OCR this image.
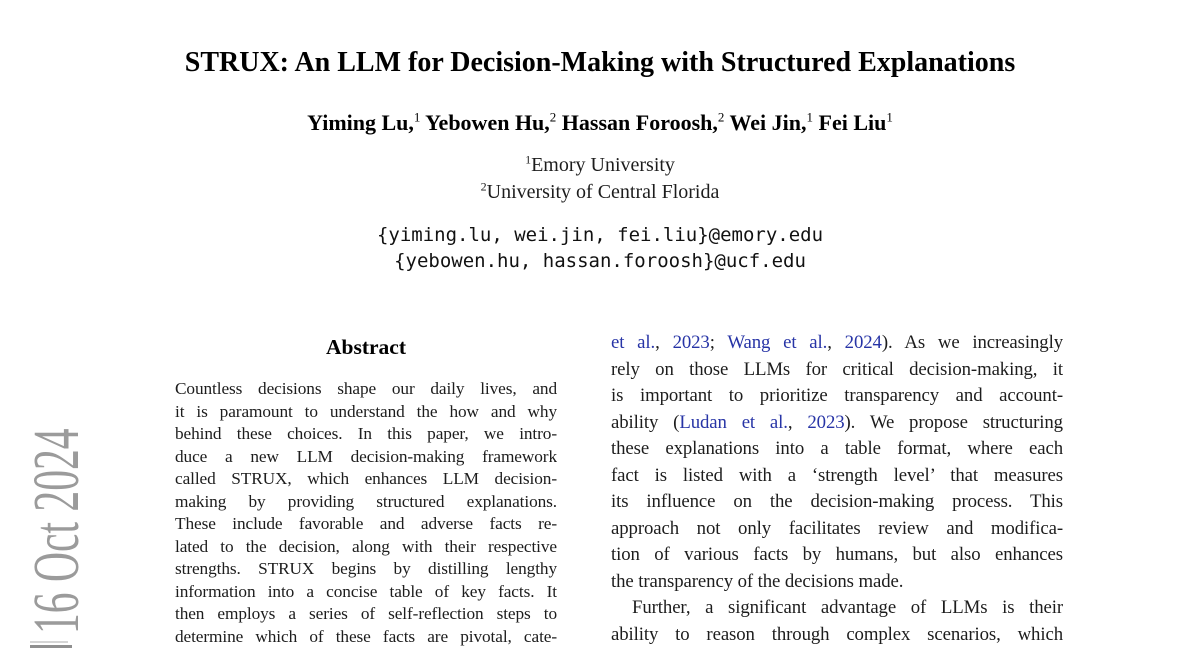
16 Oct 2024
STRUX: An LLM for Decision-Making with Structured Explanations
Yiming Lu,$^1$ Yebowen Hu,$^2$ Hassan Foroosh,$^2$ Wei Jin,$^1$ Fei Liu$^1$
$^1$Emory University
$^2$University of Central Florida
{yiming.lu, wei.jin, fei.liu}@emory.edu
{yebowen.hu, hassan.foroosh}@ucf.edu
Abstract
Countless decisions shape our daily lives, and
it is paramount to understand the how and why
behind these choices. In this paper, we intro-
duce a new LLM decision-making framework
called STRUX, which enhances LLM decision-
making by providing structured explanations.
These include favorable and adverse facts re-
lated to the decision, along with their respective
strengths. STRUX begins by distilling lengthy
information into a concise table of key facts. It
then employs a series of self-reflection steps to
determine which of these facts are pivotal, cate-
et al., 2023; Wang et al., 2024). As we increasingly
rely on those LLMs for critical decision-making, it
is important to prioritize transparency and account-
ability (Ludan et al., 2023). We propose structuring
these explanations into a table format, where each
fact is listed with a ‘strength level’ that measures
its influence on the decision-making process. This
approach not only facilitates review and modifica-
tion of various facts by humans, but also enhances
the transparency of the decisions made.
Further, a significant advantage of LLMs is their
ability to reason through complex scenarios, which
